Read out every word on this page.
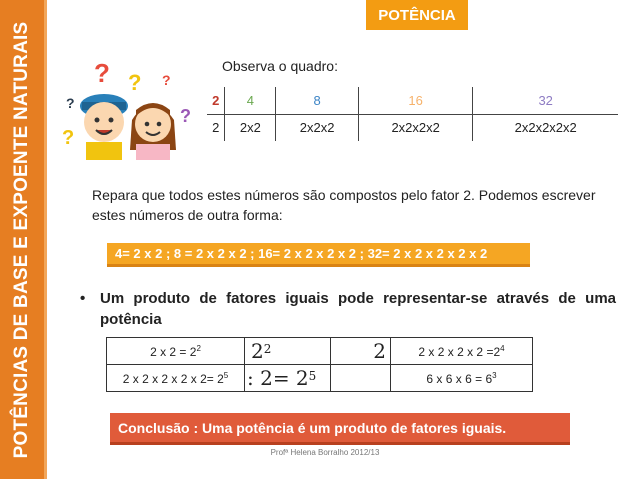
POTÊNCIAS DE BASE E EXPOENTE NATURAIS
POTÊNCIA
? ? ?
?
?
?
Observa o quadro:
2	4	8	16	32
2	2x2	2x2x2	2x2x2x2	2x2x2x2x2

Repara que todos estes números são compostos pelo fator 2. Podemos escrever estes números de outra forma:

4= 2 x 2 ; 8 = 2 x 2 x 2 ; 16= 2 x 2 x 2 x 2 ; 32= 2 x 2 x 2 x 2 x 2
• Um produto de fatores iguais pode representar-se através de uma potência
2 x $2 = 2^2$	$2^2$	2	2 x 2 x 2 x $2 =2^4$
2 x 2 x 2 x 2 x $2= 2^5$	: $2= 2^5$		6 x 6 x $6 = 6^3$
Conclusão : Uma potência é um produto de fatores iguais.
Profª Helena Borralho 2012/13
